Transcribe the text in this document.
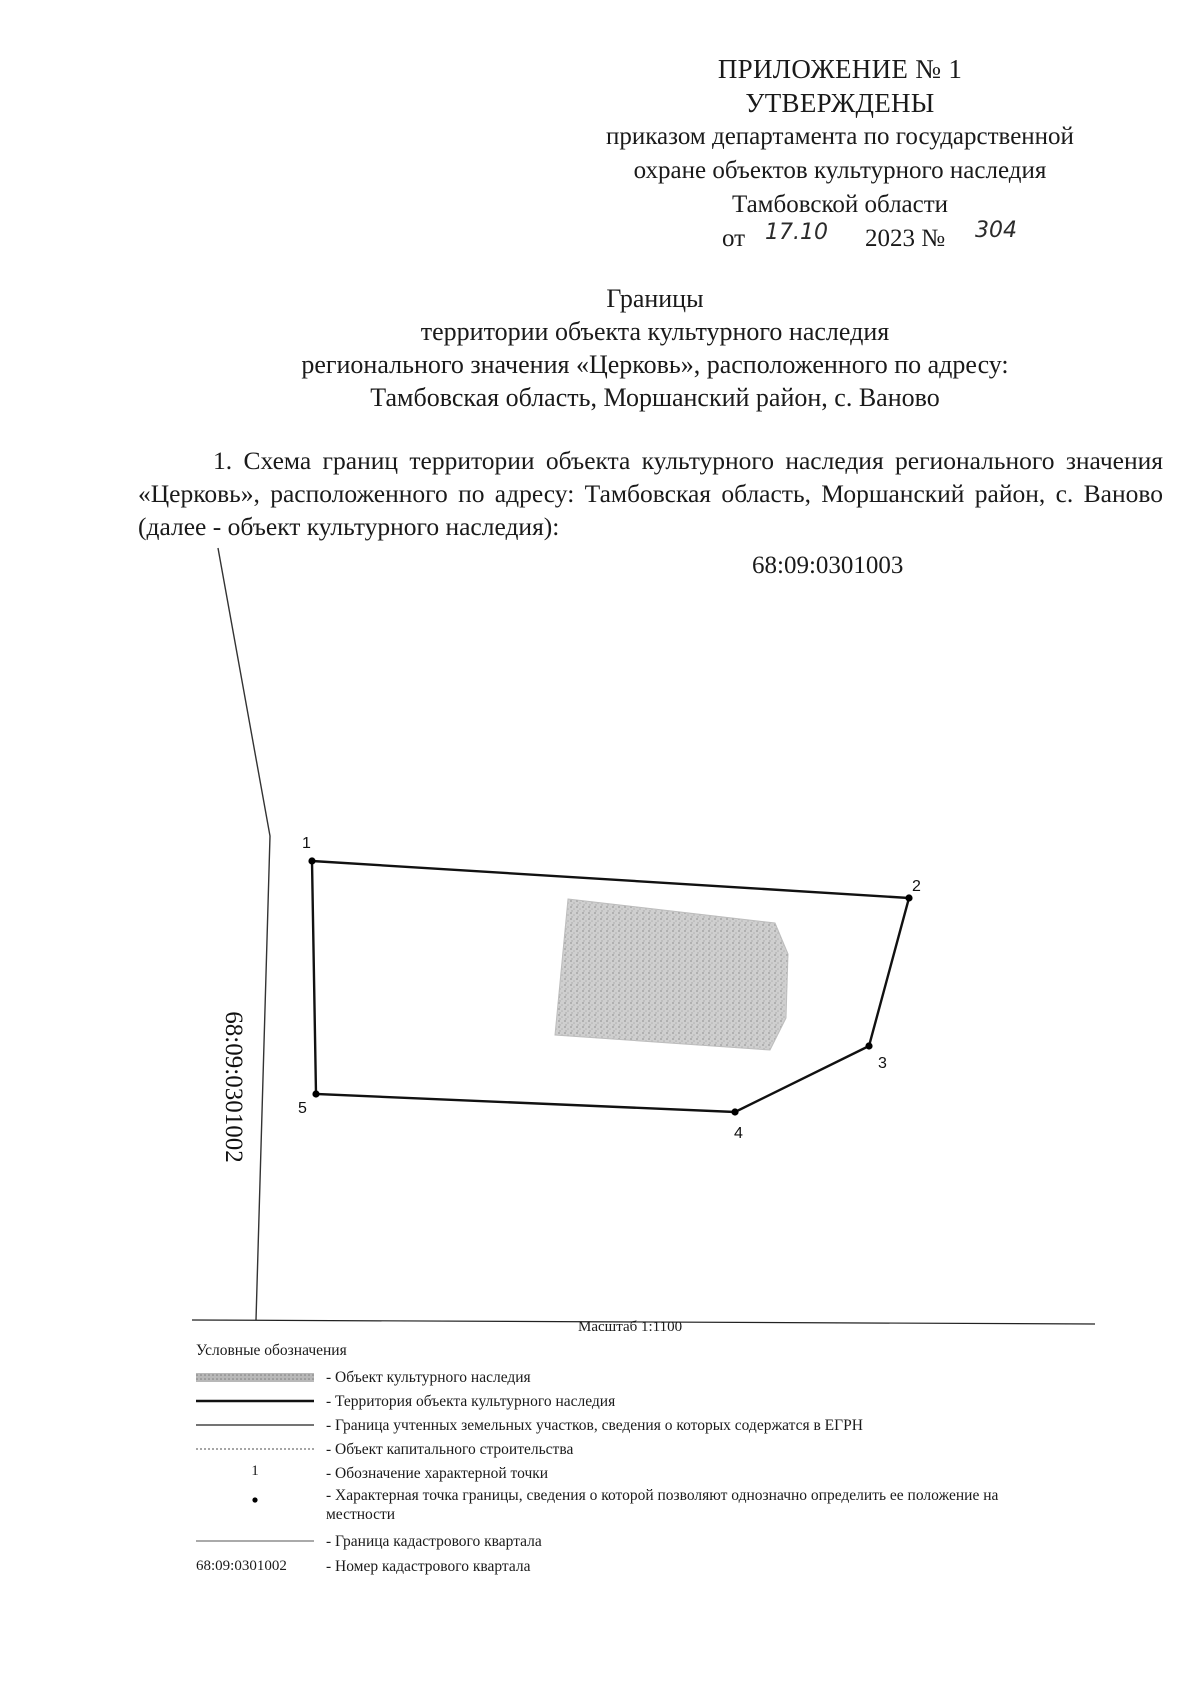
ПРИЛОЖЕНИЕ № 1
УТВЕРЖДЕНЫ
приказом департамента по государственной
охране объектов культурного наследия
Тамбовской области
от 17.10 2023 № 304
Границы
территории объекта культурного наследия
регионального значения «Церковь», расположенного по адресу:
Тамбовская область, Моршанский район, с. Ваново
1. Схема границ территории объекта культурного наследия регионального значения «Церковь», расположенного по адресу: Тамбовская область, Моршанский район, с. Ваново (далее - объект культурного наследия):
68:09:0301003
68:09:0301002
1
2
3
4
5
Масштаб 1:1100
Условные обозначения
- Объект культурного наследия
- Территория объекта культурного наследия
- Граница учтенных земельных участков, сведения о которых содержатся в ЕГРН
- Объект капитального строительства
1	- Обозначение характерной точки
- Характерная точка границы, сведения о которой позволяют однозначно определить ее положение на местности
- Граница кадастрового квартала
68:09:0301002	- Номер кадастрового квартала
